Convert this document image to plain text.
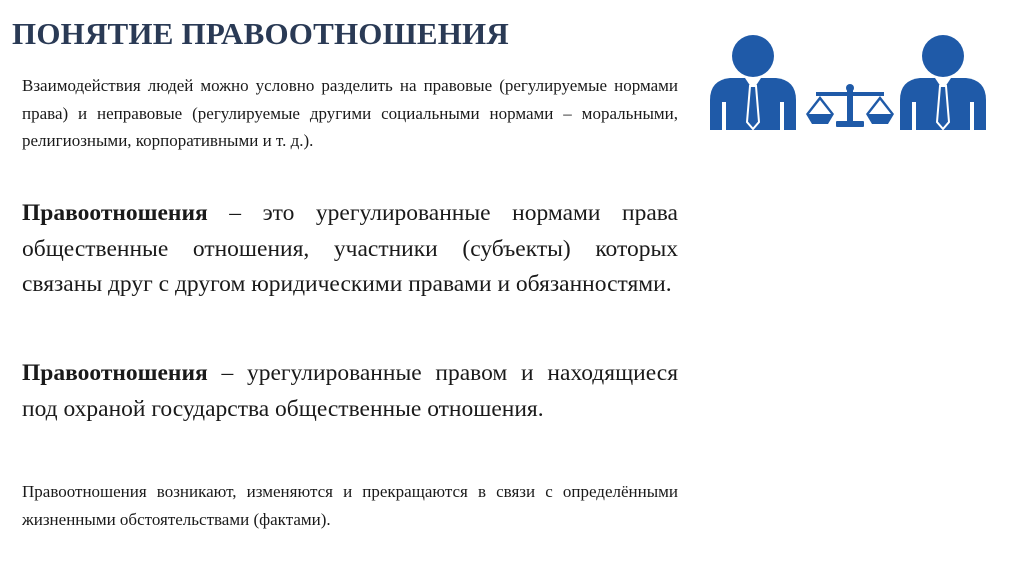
ПОНЯТИЕ ПРАВООТНОШЕНИЯ

Взаимодействия людей можно условно разделить на правовые (регулируемые нормами права) и неправовые (регулируемые другими социальными нормами – моральными, религиозными, корпоративными и т. д.).

Правоотношения – это урегулированные нормами права общественные отношения, участники (субъекты) которых связаны друг с другом юридическими правами и обязанностями.

Правоотношения – урегулированные правом и находящиеся под охраной государства общественные отношения.

Правоотношения возникают, изменяются и прекращаются в связи с определёнными жизненными обстоятельствами (фактами).
